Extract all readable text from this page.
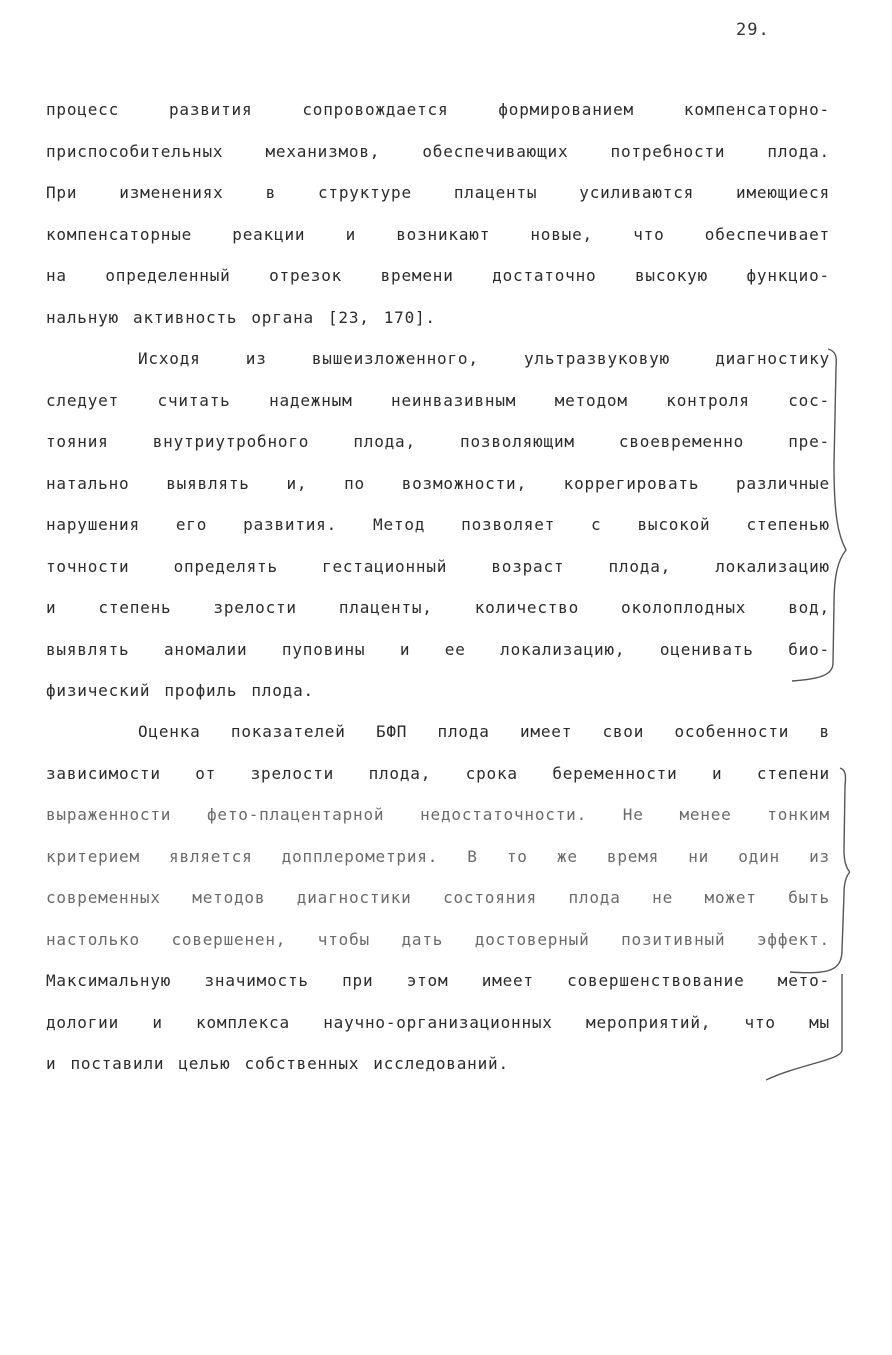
29.
процесс	развития	сопровождается	формированием	компенсаторно-
приспособительных	механизмов,	обеспечивающих	потребности	плода.
При	изменениях	в	структуре	плаценты	усиливаются	имеющиеся
компенсаторные	реакции	и	возникают	новые,	что	обеспечивает
на определенный отрезок времени достаточно высокую функцио-
нальную активность органа [23, 170].
Исходя	из	вышеизложенного,	ультразвуковую	диагностику
следует считать надежным неинвазивным методом контроля сос-
тояния	внутриутробного	плода,	позволяющим	своевременно	пре-
натально выявлять и, по возможности, коррегировать различные
нарушения его развития. Метод позволяет с высокой степенью
точности	определять	гестационный	возраст	плода,	локализацию
и	степень	зрелости	плаценты,	количество	околоплодных	вод,
выявлять аномалии пуповины и ее локализацию, оценивать био-
физический профиль плода.
Оценка показателей БФП плода имеет свои особенности в
зависимости от зрелости плода, срока беременности и степени
выраженности фето-плацентарной недостаточности. Не менее тонким
критерием является допплерометрия. В то же время ни один из
современных методов диагностики состояния плода не может быть
настолько совершенен, чтобы дать достоверный позитивный эффект.
Максимальную значимость при этом имеет совершенствование мето-
дологии и комплекса научно-организационных мероприятий, что мы
и поставили целью собственных исследований.
